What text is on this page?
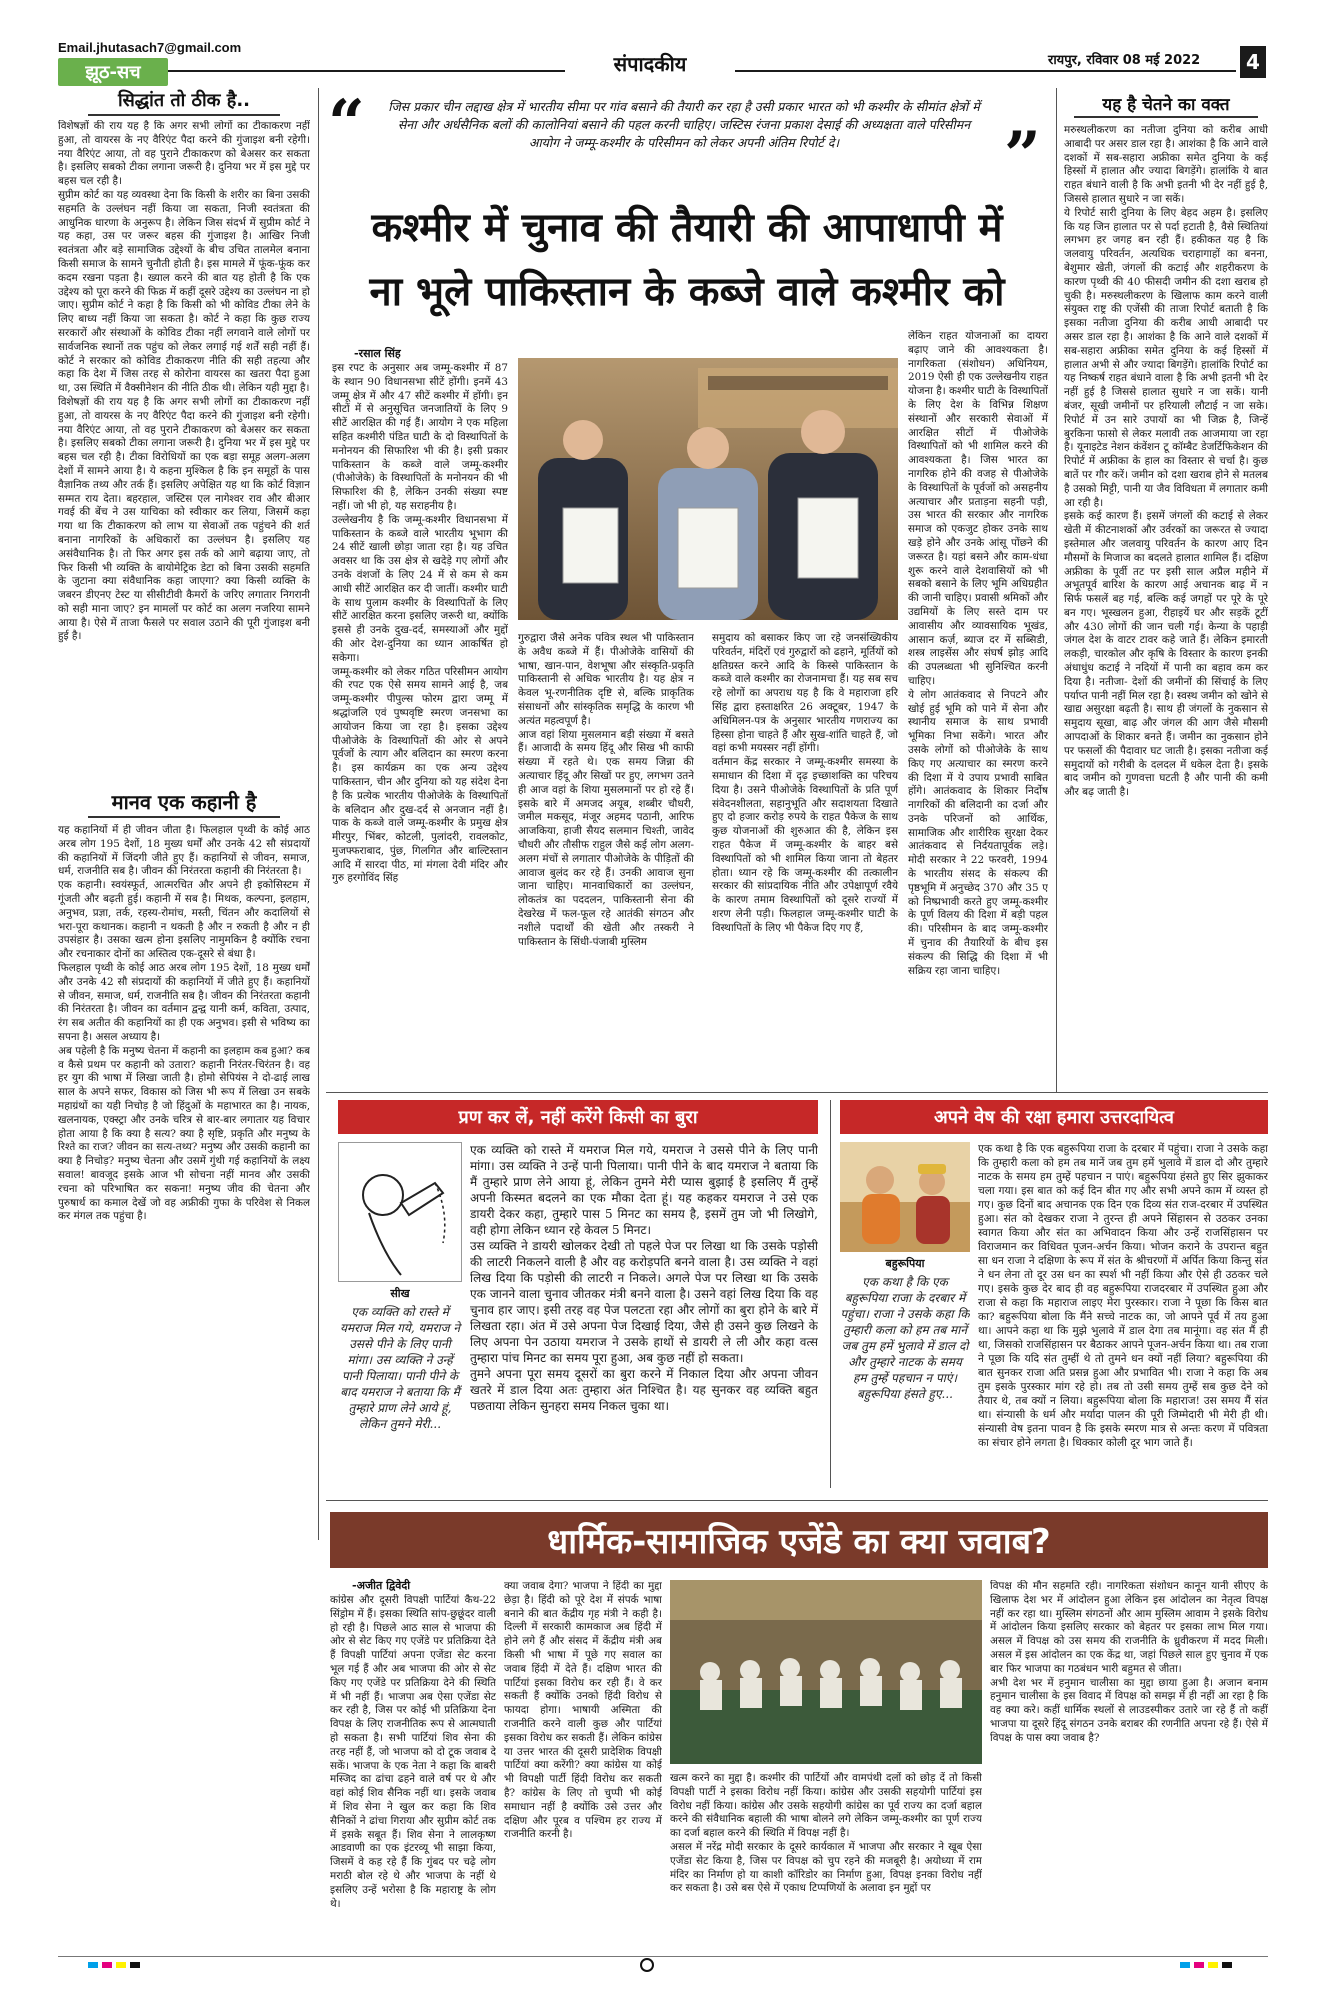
Email.jhutasach7@gmail.com
झूठ-सच	संपादकीय	रायपुर, रविवार 08 मई 2022 4
सिद्धांत तो ठीक है..
विशेषज्ञों की राय यह है कि अगर सभी लोगों का टीकाकरण नहीं हुआ, तो वायरस के नए वैरिएंट पैदा करने की गुंजाइश बनी रहेगी। नया वैरिएंट आया, तो वह पुराने टीकाकरण को बेअसर कर सकता है। इसलिए सबको टीका लगाना जरूरी है। दुनिया भर में इस मुद्दे पर बहस चल रही है।
सुप्रीम कोर्ट का यह व्यवस्था देना कि किसी के शरीर का बिना उसकी सहमति के उल्लंघन नहीं किया जा सकता, निजी स्वतंत्रता की आधुनिक धारणा के अनुरूप है। लेकिन जिस संदर्भ में सुप्रीम कोर्ट ने यह कहा, उस पर जरूर बहस की गुंजाइश है। आखिर निजी स्वतंत्रता और बड़े सामाजिक उद्देश्यों के बीच उचित तालमेल बनाना किसी समाज के सामने चुनौती होती है। इस मामले में फूंक-फूंक कर कदम रखना पड़ता है। ख्याल करने की बात यह होती है कि एक उद्देश्य को पूरा करने की फिक्र में कहीं दूसरे उद्देश्य का उल्लंघन ना हो जाए। सुप्रीम कोर्ट ने कहा है कि किसी को भी कोविड टीका लेने के लिए बाध्य नहीं किया जा सकता है। कोर्ट ने कहा कि कुछ राज्य सरकारों और संस्थाओं के कोविड टीका नहीं लगवाने वाले लोगों पर सार्वजनिक स्थानों तक पहुंच को लेकर लगाई गई शर्तें सही नहीं हैं। कोर्ट ने सरकार को कोविड टीकाकरण नीति की सही तहत्या और कहा कि देश में जिस तरह से कोरोना वायरस का खतरा पैदा हुआ था, उस स्थिति में वैक्सीनेशन की नीति ठीक थी। लेकिन यही मुद्दा है।
विशेषज्ञों की राय यह है कि अगर सभी लोगों का टीकाकरण नहीं हुआ, तो वायरस के नए वैरिएंट पैदा करने की गुंजाइश बनी रहेगी। नया वैरिएंट आया, तो वह पुराने टीकाकरण को बेअसर कर सकता है। इसलिए सबको टीका लगाना जरूरी है। दुनिया भर में इस मुद्दे पर बहस चल रही है। टीका विरोधियों का एक बड़ा समूह अलग-अलग देशों में सामने आया है। ये कहना मुश्किल है कि इन समूहों के पास वैज्ञानिक तथ्य और तर्क हैं। इसलिए अपेक्षित यह था कि कोर्ट विज्ञान सम्मत राय देता। बहरहाल, जस्टिस एल नागेश्वर राव और बीआर गवई की बेंच ने उस याचिका को स्वीकार कर लिया, जिसमें कहा गया था कि टीकाकरण को लाभ या सेवाओं तक पहुंचने की शर्त बनाना नागरिकों के अधिकारों का उल्लंघन है। इसलिए यह असंवैधानिक है। तो फिर अगर इस तर्क को आगे बढ़ाया जाए, तो फिर किसी भी व्यक्ति के बायोमेट्रिक डेटा को बिना उसकी सहमति के जुटाना क्या संवैधानिक कहा जाएगा? क्या किसी व्यक्ति के जबरन डीएनए टेस्ट या सीसीटीवी कैमरों के जरिए लगातार निगरानी को सही माना जाए? इन मामलों पर कोर्ट का अलग नजरिया सामने आया है। ऐसे में ताजा फैसले पर सवाल उठाने की पूरी गुंजाइश बनी हुई है।
मानव एक कहानी है
यह कहानियों में ही जीवन जीता है। फिलहाल पृथ्वी के कोई आठ अरब लोग 195 देशों, 18 मुख्य धर्मों और उनके 42 सौ संप्रदायों की कहानियों में जिंदगी जीते हुए हैं। कहानियों से जीवन, समाज, धर्म, राजनीति सब है। जीवन की निरंतरता कहानी की निरंतरता है।
एक कहानी। स्वयंस्फूर्त, आत्मरचित और अपने ही इकोसिस्टम में गूंजती और बढ़ती हुई। कहानी में सब है। मिथक, कल्पना, इलहाम, अनुभव, प्रज्ञा, तर्क, रहस्य-रोमांच, मस्ती, चिंतन और कदालियों से भरा-पूरा कथानक। कहानी न थकती है और न रुकती है और न ही उपसंहार है। उसका खत्म होना इसलिए नामुमकिन है क्योंकि रचना और रचनाकार दोनों का अस्तित्व एक-दूसरे से बंधा है।
फिलहाल पृथ्वी के कोई आठ अरब लोग 195 देशों, 18 मुख्य धर्मों और उनके 42 सौ संप्रदायों की कहानियों में जीते हुए हैं। कहानियों से जीवन, समाज, धर्म, राजनीति सब है। जीवन की निरंतरता कहानी की निरंतरता है। जीवन का वर्तमान द्वन्द्व यानी कर्म, कविता, उत्पाद, रंग सब अतीत की कहानियों का ही एक अनुभव। इसी से भविष्य का सपना है। असल अध्याय है।
अब पहेली है कि मनुष्य चेतना में कहानी का इलहाम कब हुआ? कब व कैसे प्रथम पर कहानी को उतारा? कहानी निरंतर-चिरंतन है। वह हर युग की भाषा में लिखा जाती है। होमो सेपियंस ने दो-ढाई लाख साल के अपने सफर, विकास को जिस भी रूप में लिखा उन सबके महाग्रंथों का यही निचोड़ है जो हिंदुओं के महाभारत का है। नायक, खलनायक, एक्स्ट्रा और उनके चरित्र से बार-बार लगातार यह विचार होता आया है कि क्या है सत्य? क्या है सृष्टि, प्रकृति और मनुष्य के रिश्ते का राज? जीवन का सत्य-तथ्य? मनुष्य और उसकी कहानी का क्या है निचोड़? मनुष्य चेतना और उसमें गुंथी गई कहानियों के लक्ष्य सवाल! बावजूद इसके आज भी सोचना नहीं मानव और उसकी रचना को परिभाषित कर सकना! मनुष्य जीव की चेतना और पुरुषार्थ का कमाल देखें जो वह अफ्रीकी गुफा के परिवेश से निकल कर मंगल तक पहुंचा है।
“	जिस प्रकार चीन लद्दाख क्षेत्र में भारतीय सीमा पर गांव बसाने की तैयारी कर रहा है उसी प्रकार भारत को भी कश्मीर के सीमांत क्षेत्रों में सेना और अर्धसैनिक बलों की कालोनियां बसाने की पहल करनी चाहिए। जस्टिस रंजना प्रकाश देसाई की अध्यक्षता वाले परिसीमन आयोग ने जम्मू-कश्मीर के परिसीमन को लेकर अपनी अंतिम रिपोर्ट दे।	”
कश्मीर में चुनाव की तैयारी की आपाधापी में
ना भूले पाकिस्तान के कब्जे वाले कश्मीर को
-रसाल सिंह
इस रपट के अनुसार अब जम्मू-कश्मीर में 87 के स्थान 90 विधानसभा सीटें होंगी। इनमें 43 जम्मू क्षेत्र में और 47 सीटें कश्मीर में होंगी। इन सीटों में से अनुसूचित जनजातियों के लिए 9 सीटें आरक्षित की गई हैं। आयोग ने एक महिला सहित कश्मीरी पंडित घाटी के दो विस्थापितों के मनोनयन की सिफारिश भी की है। इसी प्रकार पाकिस्तान के कब्जे वाले जम्मू-कश्मीर (पीओजेके) के विस्थापितों के मनोनयन की भी सिफारिश की है, लेकिन उनकी संख्या स्पष्ट नहीं। जो भी हो, यह सराहनीय है।
उल्लेखनीय है कि जम्मू-कश्मीर विधानसभा में पाकिस्तान के कब्जे वाले भारतीय भूभाग की 24 सीटें खाली छोड़ा जाता रहा है। यह उचित अवसर था कि उस क्षेत्र से खदेड़े गए लोगों और उनके वंशजों के लिए 24 में से कम से कम आधी सीटें आरक्षित कर दी जातीं। कश्मीर घाटी के साथ पुलाम कश्मीर के विस्थापितों के लिए सीटें आरक्षित करना इसलिए जरूरी था, क्योंकि इससे ही उनके दुख-दर्द, समस्याओं और मुद्दों की ओर देश-दुनिया का ध्यान आकर्षित हो सकेगा।
जम्मू-कश्मीर को लेकर गठित परिसीमन आयोग की रपट एक ऐसे समय सामने आई है, जब जम्मू-कश्मीर पीपुल्स फोरम द्वारा जम्मू में श्रद्धांजलि एवं पुष्पवृष्टि स्मरण जनसभा का आयोजन किया जा रहा है। इसका उद्देश्य पीओजेके के विस्थापितों की ओर से अपने पूर्वजों के त्याग और बलिदान का स्मरण करना है। इस कार्यक्रम का एक अन्य उद्देश्य पाकिस्तान, चीन और दुनिया को यह संदेश देना है कि प्रत्येक भारतीय पीओजेके के विस्थापितों के बलिदान और दुख-दर्द से अनजान नहीं है। पाक के कब्जे वाले जम्मू-कश्मीर के प्रमुख क्षेत्र मीरपुर, भिंबर, कोटली, पुलांदरी, रावलकोट, मुजफ्फराबाद, पुंछ, गिलगित और बाल्टिस्तान आदि में सारदा पीठ, मां मंगला देवी मंदिर और गुरु हरगोविंद सिंह
गुरुद्वारा जैसे अनेक पवित्र स्थल भी पाकिस्तान के अवैध कब्जे में हैं। पीओजेके वासियों की भाषा, खान-पान, वेशभूषा और संस्कृति-प्रकृति पाकिस्तानी से अधिक भारतीय है। यह क्षेत्र न केवल भू-रणनीतिक दृष्टि से, बल्कि प्राकृतिक संसाधनों और सांस्कृतिक समृद्धि के कारण भी अत्यंत महत्वपूर्ण है।
आज वहां शिया मुसलमान बड़ी संख्या में बसते हैं। आजादी के समय हिंदू और सिख भी काफी संख्या में रहते थे। एक समय जिन्ना की अत्याचार हिंदू और सिखों पर हुए, लगभग उतने ही आज वहां के शिया मुसलमानों पर हो रहे हैं। इसके बारे में अमजद अयूब, शब्बीर चौधरी, जमील मकसूद, मंजूर अहमद पठानी, आरिफ आजकिया, हाजी सैयद सलमान चिश्ती, जावेद चौधरी और तौसीफ राहुल जैसे कई लोग अलग-अलग मंचों से लगातार पीओजेके के पीड़ितों की आवाज बुलंद कर रहे हैं। उनकी आवाज सुना जाना चाहिए। मानवाधिकारों का उल्लंघन, लोकतंत्र का पददलन, पाकिस्तानी सेना की देखरेख में फल-फूल रहे आतंकी संगठन और नशीले पदार्थों की खेती और तस्करी ने पाकिस्तान के सिंधी-पंजाबी मुस्लिम
समुदाय को बसाकर किए जा रहे जनसंख्यिकीय परिवर्तन, मंदिरों एवं गुरुद्वारों को ढहाने, मूर्तियों को क्षतिग्रस्त करने आदि के किस्से पाकिस्तान के कब्जे वाले कश्मीर का रोजनामचा हैं। यह सब सच रहे लोगों का अपराध यह है कि वे महाराजा हरि सिंह द्वारा हस्ताक्षरित 26 अक्टूबर, 1947 के अधिमिलन-पत्र के अनुसार भारतीय गणराज्य का हिस्सा होना चाहते हैं और सुख-शांति चाहते हैं, जो वहां कभी मयस्सर नहीं होंगी।
वर्तमान केंद्र सरकार ने जम्मू-कश्मीर समस्या के समाधान की दिशा में दृढ़ इच्छाशक्ति का परिचय दिया है। उसने पीओजेके विस्थापितों के प्रति पूर्ण संवेदनशीलता, सहानुभूति और सदाशयता दिखाते हुए दो हजार करोड़ रुपये के राहत पैकेज के साथ कुछ योजनाओं की शुरुआत की है, लेकिन इस राहत पैकेज में जम्मू-कश्मीर के बाहर बसे विस्थापितों को भी शामिल किया जाना तो बेहतर होता। ध्यान रहे कि जम्मू-कश्मीर की तत्कालीन सरकार की सांप्रदायिक नीति और उपेक्षापूर्ण रवैये के कारण तमाम विस्थापितों को दूसरे राज्यों में शरण लेनी पड़ी। फिलहाल जम्मू-कश्मीर घाटी के विस्थापितों के लिए भी पैकेज दिए गए हैं,
लेकिन राहत योजनाओं का दायरा बढ़ाए जाने की आवश्यकता है। नागरिकता (संशोधन) अधिनियम, 2019 ऐसी ही एक उल्लेखनीय राहत योजना है। कश्मीर घाटी के विस्थापितों के लिए देश के विभिन्न शिक्षण संस्थानों और सरकारी सेवाओं में आरक्षित सीटों में पीओजेके विस्थापितों को भी शामिल करने की आवश्यकता है। जिस भारत का नागरिक होने की वजह से पीओजेके के विस्थापितों के पूर्वजों को असहनीय अत्याचार और प्रताड़ना सहनी पड़ी, उस भारत की सरकार और नागरिक समाज को एकजुट होकर उनके साथ खड़े होने और उनके आंसू पोंछने की जरूरत है। यहां बसने और काम-धंधा शुरू करने वाले देशवासियों को भी सबको बसाने के लिए भूमि अधिग्रहीत की जानी चाहिए। प्रवासी श्रमिकों और उद्यमियों के लिए सस्ते दाम पर आवासीय और व्यावसायिक भूखंड, आसान कर्ज़, ब्याज दर में सब्सिडी, शस्त्र लाइसेंस और संघर्ष झोड़ आदि की उपलब्धता भी सुनिश्चित करनी चाहिए।
ये लोग आतंकवाद से निपटने और खोई हुई भूमि को पाने में सेना और स्थानीय समाज के साथ प्रभावी भूमिका निभा सकेंगे। भारत और उसके लोगों को पीओजेके के साथ किए गए अत्याचार का स्मरण करने की दिशा में ये उपाय प्रभावी साबित होंगे। आतंकवाद के शिकार निर्दोष नागरिकों की बलिदानी का दर्जा और उनके परिजनों को आर्थिक, सामाजिक और शारीरिक सुरक्षा देकर आतंकवाद से निर्दयतापूर्वक लड़े। मोदी सरकार ने 22 फरवरी, 1994 के भारतीय संसद के संकल्प की पृष्ठभूमि में अनुच्छेद 370 और 35 ए को निष्प्रभावी करते हुए जम्मू-कश्मीर के पूर्ण विलय की दिशा में बड़ी पहल की। परिसीमन के बाद जम्मू-कश्मीर में चुनाव की तैयारियों के बीच इस संकल्प की सिद्धि की दिशा में भी सक्रिय रहा जाना चाहिए।
यह है चेतने का वक्त
मरुस्थलीकरण का नतीजा दुनिया को करीब आधी आबादी पर असर डाल रहा है। आशंका है कि आने वाले दशकों में सब-सहारा अफ्रीका समेत दुनिया के कई हिस्सों में हालात और ज्यादा बिगड़ेंगे। हालांकि ये बात राहत बंधाने वाली है कि अभी इतनी भी देर नहीं हुई है, जिससे हालात सुधारे न जा सकें।
ये रिपोर्ट सारी दुनिया के लिए बेहद अहम है। इसलिए कि यह जिन हालात पर से पर्दा हटाती है, वैसे स्थितियां लगभग हर जगह बन रही हैं। हकीकत यह है कि जलवायु परिवर्तन, अत्यधिक चराहागाहों का बनना, बेशुमार खेती, जंगलों की कटाई और शहरीकरण के कारण पृथ्वी की 40 फीसदी जमीन की दशा खराब हो चुकी है। मरुस्थलीकरण के खिलाफ काम करने वाली संयुक्त राष्ट्र की एजेंसी की ताजा रिपोर्ट बताती है कि इसका नतीजा दुनिया की करीब आधी आबादी पर असर डाल रहा है। आशंका है कि आने वाले दशकों में सब-सहारा अफ्रीका समेत दुनिया के कई हिस्सों में हालात अभी से और ज्यादा बिगड़ेंगे। हालांकि रिपोर्ट का यह निष्कर्ष राहत बंधाने वाला है कि अभी इतनी भी देर नहीं हुई है जिससे हालात सुधारे न जा सकें। यानी बंजर, सूखी जमीनों पर हरियाली लौटाई न जा सके। रिपोर्ट में उन सारे उपायों का भी जिक्र है, जिन्हें बुरकिना फासो से लेकर मलावी तक आजमाया जा रहा है। यूनाइटेड नेशन कंवेंशन टू कॉम्बैट डेजर्टिफिकेशन की रिपोर्ट में अफ्रीका के हाल का विस्तार से चर्चा है। कुछ बातें पर गौर करें। जमीन को दशा खराब होने से मतलब है उसको मिट्टी, पानी या जैव विविधता में लगातार कमी आ रही है।
इसके कई कारण हैं। इसमें जंगलों की कटाई से लेकर खेती में कीटनाशकों और उर्वरकों का जरूरत से ज्यादा इस्तेमाल और जलवायु परिवर्तन के कारण आए दिन मौसमों के मिजाज का बदलते हालात शामिल हैं। दक्षिण अफ्रीका के पूर्वी तट पर इसी साल अप्रैल महीने में अभूतपूर्व बारिश के कारण आई अचानक बाढ़ में न सिर्फ फसलें बह गई, बल्कि कई जगहों पर पूरे के पूरे बन गए। भूस्खलन हुआ, रीहाइयें घर और सड़कें टूटीं और 430 लोगों की जान चली गई। केन्या के पहाड़ी जंगल देश के वाटर टावर कहे जाते हैं। लेकिन इमारती लकड़ी, चारकोल और कृषि के विस्तार के कारण इनकी अंधाधुंध कटाई ने नदियों में पानी का बहाव कम कर दिया है। नतीजा- देशों की जमीनों की सिंचाई के लिए पर्याप्त पानी नहीं मिल रहा है। स्वस्थ जमीन को खोने से खाद्य असुरक्षा बढ़ती है। साथ ही जंगलों के नुकसान से समुदाय सूखा, बाढ़ और जंगल की आग जैसे मौसमी आपदाओं के शिकार बनते हैं। जमीन का नुकसान होने पर फसलों की पैदावार घट जाती है। इसका नतीजा कई समुदायों को गरीबी के दलदल में धकेल देता है। इसके बाद जमीन को गुणवत्ता घटती है और पानी की कमी और बढ़ जाती है।
प्रण कर लें, नहीं करेंगे किसी का बुरा
सीख
एक व्यक्ति को रास्ते में यमराज मिल गये, यमराज ने उससे पीने के लिए पानी मांगा। उस व्यक्ति ने उन्हें पानी पिलाया। पानी पीने के बाद यमराज ने बताया कि मैं तुम्हारे प्राण लेने आये हूं, लेकिन तुमने मेरी...
एक व्यक्ति को रास्ते में यमराज मिल गये, यमराज ने उससे पीने के लिए पानी मांगा। उस व्यक्ति ने उन्हें पानी पिलाया। पानी पीने के बाद यमराज ने बताया कि मैं तुम्हारे प्राण लेने आया हूं, लेकिन तुमने मेरी प्यास बुझाई है इसलिए मैं तुम्हें अपनी किस्मत बदलने का एक मौका देता हूं। यह कहकर यमराज ने उसे एक डायरी देकर कहा, तुम्हारे पास 5 मिनट का समय है, इसमें तुम जो भी लिखोगे, वही होगा लेकिन ध्यान रहे केवल 5 मिनट।
उस व्यक्ति ने डायरी खोलकर देखी तो पहले पेज पर लिखा था कि उसके पड़ोसी की लाटरी निकलने वाली है और वह करोड़पति बनने वाला है। उस व्यक्ति ने वहां लिख दिया कि पड़ोसी की लाटरी न निकले। अगले पेज पर लिखा था कि उसके एक जानने वाला चुनाव जीतकर मंत्री बनने वाला है। उसने वहां लिख दिया कि वह चुनाव हार जाए। इसी तरह वह पेज पलटता रहा और लोगों का बुरा होने के बारे में लिखता रहा। अंत में उसे अपना पेज दिखाई दिया, जैसे ही उसने कुछ लिखने के लिए अपना पेन उठाया यमराज ने उसके हाथों से डायरी ले ली और कहा वत्स तुम्हारा पांच मिनट का समय पूरा हुआ, अब कुछ नहीं हो सकता।
तुमने अपना पूरा समय दूसरों का बुरा करने में निकाल दिया और अपना जीवन खतरे में डाल दिया अतः तुम्हारा अंत निश्चित है। यह सुनकर वह व्यक्ति बहुत पछताया लेकिन सुनहरा समय निकल चुका था।
अपने वेष की रक्षा हमारा उत्तरदायित्व
बहुरूपिया
एक कथा है कि एक बहुरूपिया राजा के दरबार में पहुंचा। राजा ने उसके कहा कि तुम्हारी कला को हम तब मानें जब तुम हमें भुलावे में डाल दो और तुम्हारे नाटक के समय हम तुम्हें पहचान न पाएं। बहुरूपिया हंसते हुए...
एक कथा है कि एक बहुरूपिया राजा के दरबार में पहुंचा। राजा ने उसके कहा कि तुम्हारी कला को हम तब मानें जब तुम हमें भुलावे में डाल दो और तुम्हारे नाटक के समय हम तुम्हें पहचान न पाएं। बहुरूपिया हंसते हुए सिर झुकाकर चला गया। इस बात को कई दिन बीत गए और सभी अपने काम में व्यस्त हो गए। कुछ दिनों बाद अचानक एक दिन एक दिव्य संत राज-दरबार में उपस्थित हुआ। संत को देखकर राजा ने तुरन्त ही अपने सिंहासन से उठकर उनका स्वागत किया और संत का अभिवादन किया और उन्हें राजसिंहासन पर विराजमान कर विधिवत पूजन-अर्चन किया। भोजन कराने के उपरान्त बहुत सा धन राजा ने दक्षिणा के रूप में संत के श्रीचरणों में अर्पित किया किन्तु संत ने धन लेना तो दूर उस धन का स्पर्श भी नहीं किया और ऐसे ही उठकर चले गए। इसके कुछ देर बाद ही वह बहुरूपिया राजदरबार में उपस्थित हुआ और राजा से कहा कि महाराज लाइए मेरा पुरस्कार। राजा ने पूछा कि किस बात का? बहुरूपिया बोला कि मैंने सच्चे नाटक का, जो आपने पूर्व में तय हुआ था। आपने कहा था कि मुझे भुलावे में डाल देगा तब मानूंगा। वह संत मैं ही था, जिसको राजसिंहासन पर बैठाकर आपने पूजन-अर्चन किया था। तब राजा ने पूछा कि यदि संत तुम्हीं थे तो तुमने धन क्यों नहीं लिया? बहुरूपिया की बात सुनकर राजा अति प्रसन्न हुआ और प्रभावित भी। राजा ने कहा कि अब तुम इसके पुरस्कार मांग रहे हो। तब तो उसी समय तुम्हें सब कुछ देने को तैयार थे, तब क्यों न लिया। बहुरूपिया बोला कि महाराज! उस समय मैं संत था। संन्यासी के धर्म और मर्यादा पालन की पूरी जिम्मेदारी भी मेरी ही थी। संन्यासी वेष इतना पावन है कि इसके स्मरण मात्र से अन्तः करण में पवित्रता का संचार होने लगता है। धिक्कार कोली दूर भाग जाते हैं।
धार्मिक-सामाजिक एजेंडे का क्या जवाब?
-अजीत द्विवेदी
कांग्रेस और दूसरी विपक्षी पार्टियां कैथ-22 सिंड्रोम में हैं। इसका स्थिति सांप-छुछूंदर वाली हो रही है। पिछले आठ साल से भाजपा की ओर से सेट किए गए एजेंडे पर प्रतिक्रिया देते हैं विपक्षी पार्टियां अपना एजेंडा सेट करना भूल गई हैं और अब भाजपा की ओर से सेट किए गए एजेंडे पर प्रतिक्रिया देने की स्थिति में भी नहीं हैं। भाजपा अब ऐसा एजेंडा सेट कर रही है, जिस पर कोई भी प्रतिक्रिया देना विपक्ष के लिए राजनीतिक रूप से आत्मघाती हो सकता है। सभी पार्टियां शिव सेना की तरह नहीं हैं, जो भाजपा को दो टूक जवाब दे सकें। भाजपा के एक नेता ने कहा कि बाबरी मस्जिद का ढांचा ढहने वाले वर्ष पर थे और वहां कोई शिव सैनिक नहीं था। इसके जवाब में शिव सेना ने खुल कर कहा कि शिव सैनिकों ने ढांचा गिराया और सुप्रीम कोर्ट तक में इसके सबूत हैं। शिव सेना ने लालकृष्ण आडवाणी का एक इंटरव्यू भी साझा किया, जिसमें वे कह रहे हैं कि गुंबद पर चढ़े लोग मराठी बोल रहे थे और भाजपा के नहीं थे इसलिए उन्हें भरोसा है कि महाराष्ट्र के लोग थे।
क्या जवाब देगा? भाजपा ने हिंदी का मुद्दा छेड़ा है। हिंदी को पूरे देश में संपर्क भाषा बनाने की बात केंद्रीय गृह मंत्री ने कही है। दिल्ली में सरकारी कामकाज अब हिंदी में होने लगे हैं और संसद में केंद्रीय मंत्री अब किसी भी भाषा में पूछे गए सवाल का जवाब हिंदी में देते हैं। दक्षिण भारत की पार्टियां इसका विरोध कर रही हैं। वे कर सकती हैं क्योंकि उनको हिंदी विरोध से फायदा होगा। भाषायी अस्मिता की राजनीति करने वाली कुछ और पार्टियां इसका विरोध कर सकती हैं। लेकिन कांग्रेस या उत्तर भारत की दूसरी प्रादेशिक विपक्षी पार्टियां क्या करेंगी? क्या कांग्रेस या कोई भी विपक्षी पार्टी हिंदी विरोध कर सकती है? कांग्रेस के लिए तो चुप्पी भी कोई समाधान नहीं है क्योंकि उसे उत्तर और दक्षिण और पूरब व पश्चिम हर राज्य में राजनीति करनी है।
खत्म करने का मुद्दा है। कश्मीर की पार्टियों और वामपंथी दलों को छोड़ दें तो किसी विपक्षी पार्टी ने इसका विरोध नहीं किया। कांग्रेस और उसकी सहयोगी पार्टियां इस विरोध नहीं किया। कांग्रेस और उसके सहयोगी कांग्रेस का पूर्व राज्य का दर्जा बहाल करने की संवैधानिक बहाली की भाषा बोलने लगे लेकिन जम्मू-कश्मीर का पूर्ण राज्य का दर्जा बहाल करने की स्थिति में विपक्ष नहीं है।
असल में नरेंद्र मोदी सरकार के दूसरे कार्यकाल में भाजपा और सरकार ने खूब ऐसा एजेंडा सेट किया है, जिस पर विपक्ष को चुप रहने की मजबूरी है। अयोध्या में राम मंदिर का निर्माण हो या काशी कॉरिडोर का निर्माण हुआ, विपक्ष इनका विरोध नहीं कर सकता है। उसे बस ऐसे में एकाध टिप्पणियों के अलावा इन मुद्दों पर
विपक्ष की मौन सहमति रही। नागरिकता संशोधन कानून यानी सीएए के खिलाफ देश भर में आंदोलन हुआ लेकिन इस आंदोलन का नेतृत्व विपक्ष नहीं कर रहा था। मुस्लिम संगठनों और आम मुस्लिम आवाम ने इसके विरोध में आंदोलन किया इसलिए सरकार को बेहतर पर इसका लाभ मिल गया। असल में विपक्ष को उस समय की राजनीति के ध्रुवीकरण में मदद मिली। असल में इस आंदोलन का एक केंद्र था, जहां पिछले साल हुए चुनाव में एक बार फिर भाजपा का गठबंधन भारी बहुमत से जीता।
अभी देश भर में हनुमान चालीसा का मुद्दा छाया हुआ है। अजान बनाम हनुमान चालीसा के इस विवाद में विपक्ष को समझ में ही नहीं आ रहा है कि वह क्या करे। कहीं धार्मिक स्थलों से लाउडस्पीकर उतारे जा रहे हैं तो कहीं भाजपा या दूसरे हिंदू संगठन उनके बराबर की रणनीति अपना रहे हैं। ऐसे में विपक्ष के पास क्या जवाब है?
